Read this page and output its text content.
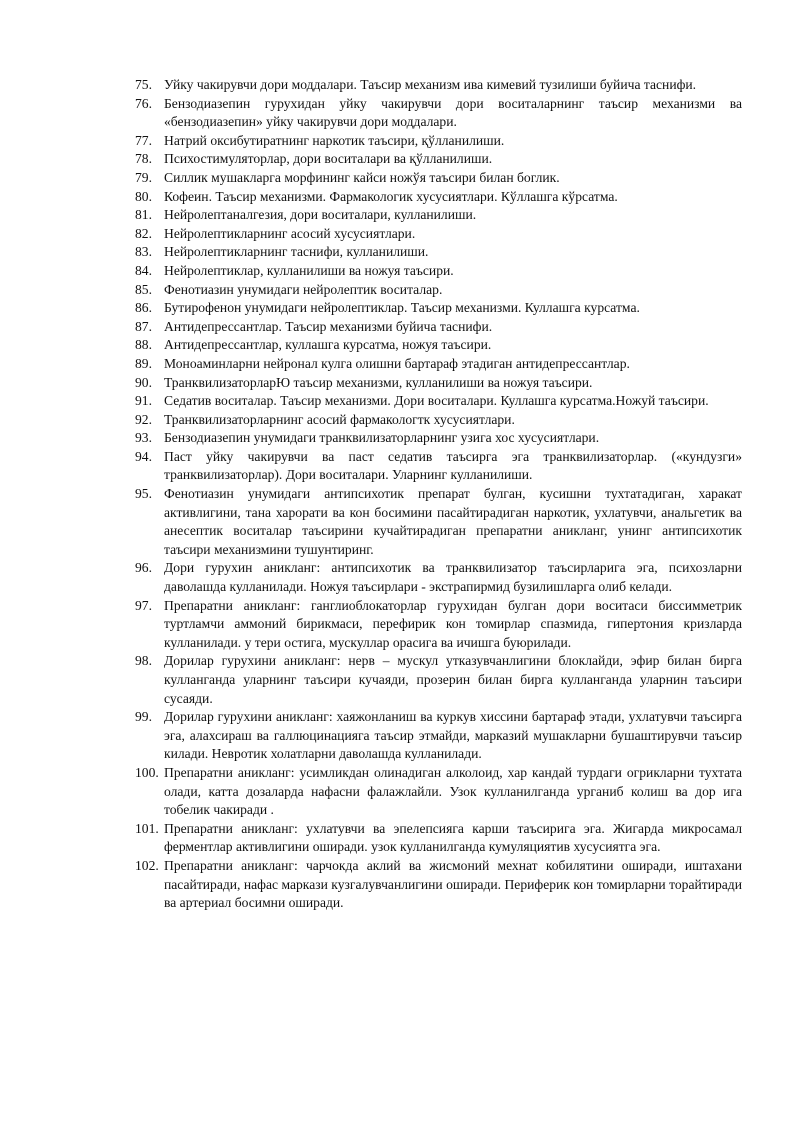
75. Уйку чакирувчи дори моддалари. Таъсир механизм ива кимевий тузилиши буйича таснифи.
76. Бензодиазепин гурухидан уйку чакирувчи дори воситаларнинг таъсир механизми ва «бензодиазепин» уйку чакирувчи дори моддалари.
77. Натрий оксибутиратнинг наркотик таъсири, қўлланилиши.
78. Психостимуляторлар, дори воситалари ва қўлланилиши.
79. Силлик мушакларга морфининг кайси ножўя таъсири билан боглик.
80. Кофеин. Таъсир механизми. Фармакологик хусусиятлари. Кўллашга кўрсатма.
81. Нейролептаналгезия, дори воситалари, кулланилиши.
82. Нейролептикларнинг асосий хусусиятлари.
83. Нейролептикларнинг таснифи, кулланилиши.
84. Нейролептиклар, кулланилиши ва ножуя таъсири.
85. Фенотиазин унумидаги нейролептик воситалар.
86. Бутирофенон унумидаги нейролептиклар. Таъсир механизми. Куллашга курсатма.
87. Антидепрессантлар. Таъсир механизми буйича таснифи.
88. Антидепрессантлар, куллашга курсатма, ножуя таъсири.
89. Моноаминларни нейронал кулга олишни бартараф этадиган антидепрессантлар.
90. ТранквилизаторларЮ таъсир механизми, кулланилиши ва ножуя таъсири.
91. Седатив воситалар. Таъсир механизми. Дори воситалари. Куллашга курсатма.Ножуй таъсири.
92. Транквилизаторларнинг асосий фармакологтк хусусиятлари.
93. Бензодиазепин унумидаги транквилизаторларнинг узига хос хусусиятлари.
94. Паст уйку чакирувчи ва паст седатив таъсирга эга транквилизаторлар. («кундузги» транквилизаторлар). Дори воситалари. Уларнинг кулланилиши.
95. Фенотиазин унумидаги антипсихотик препарат булган, кусишни тухтатадиган, харакат активлигини, тана харорати ва кон босимини пасайтирадиган наркотик, ухлатувчи, анальгетик ва анесептик воситалар таъсирини кучайтирадиган препаратни аникланг, унинг антипсихотик таъсири механизмини тушунтиринг.
96. Дори гурухин аникланг: антипсихотик ва транквилизатор таъсирларига эга, психозларни даволашда кулланилади. Ножуя таъсирлари - экстрапирмид бузилишларга олиб келади.
97. Препаратни аникланг: ганглиоблокаторлар гурухидан булган дори воситаси биссимметрик туртламчи аммоний бирикмаси, перефирик кон томирлар спазмида, гипертония кризларда кулланилади. у тери остига, мускуллар орасига ва ичишга буюрилади.
98. Дорилар гурухини аникланг: нерв – мускул утказувчанлигини блоклайди, эфир билан бирга кулланганда уларнинг таъсири кучаяди, прозерин билан бирга кулланганда уларнин таъсири сусаяди.
99. Дорилар гурухини аникланг: хаяжонланиш ва куркув хиссини бартараф этади, ухлатувчи таъсирга эга, алахсираш ва галлюцинацияга таъсир этмайди, марказий мушакларни бушаштирувчи таъсир килади. Невротик холатларни даволашда кулланилади.
100. Препаратни аникланг: усимликдан олинадиган алколоид, хар кандай турдаги огрикларни тухтата олади, катта дозаларда нафасни фалажлайли. Узок кулланилганда урганиб колиш ва дор ига тобелик чакиради .
101. Препаратни аникланг: ухлатувчи ва эпелепсияга карши таъсирига эга. Жигарда микросамал ферментлар активлигини оширади. узок кулланилганда кумуляциятив хусусиятга эга.
102. Препаратни аникланг: чарчокда аклий ва жисмоний мехнат кобилятини оширади, иштахани пасайтиради, нафас маркази кузгалувчанлигини оширади. Периферик кон томирларни торайтиради ва артериал босимни оширади.
